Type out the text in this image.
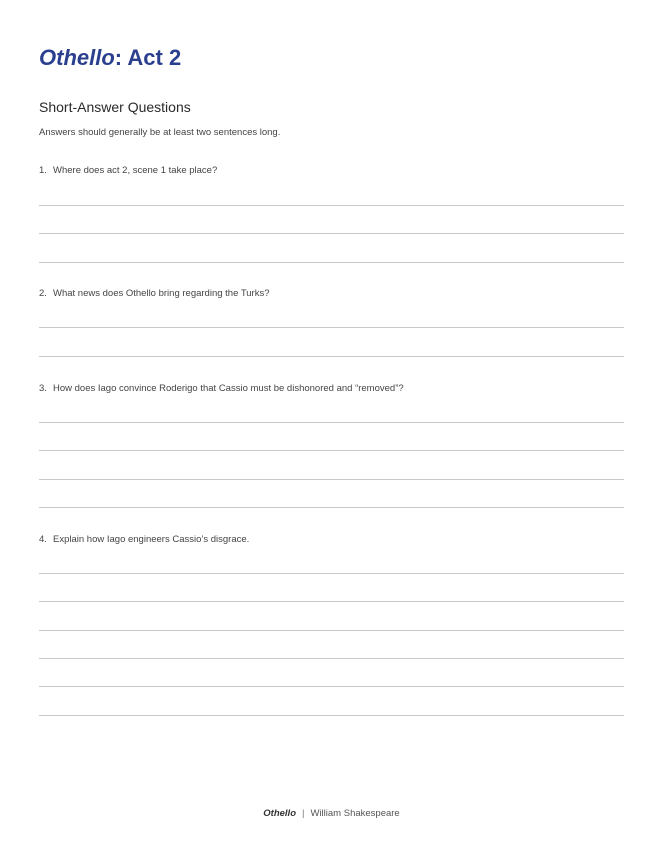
Othello: Act 2
Short-Answer Questions
Answers should generally be at least two sentences long.
1. Where does act 2, scene 1 take place?
2. What news does Othello bring regarding the Turks?
3. How does Iago convince Roderigo that Cassio must be dishonored and “removed”?
4. Explain how Iago engineers Cassio’s disgrace.
Othello | William Shakespeare
